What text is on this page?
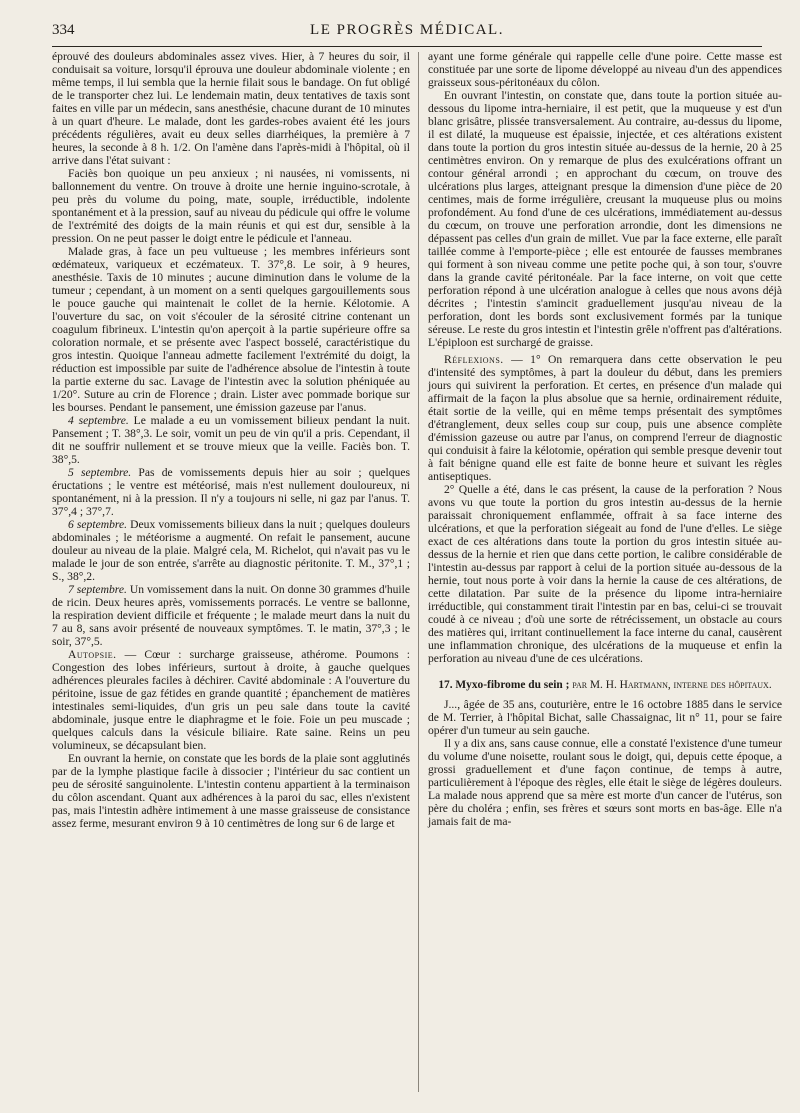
334	LE PROGRÈS MÉDICAL.

éprouvé des douleurs abdominales assez vives. Hier, à 7 heures du soir, il conduisait sa voiture, lorsqu'il éprouva une douleur abdominale violente ; en même temps, il lui sembla que la hernie filait sous le bandage. On fut obligé de le transporter chez lui. Le lendemain matin, deux tentatives de taxis sont faites en ville par un médecin, sans anesthésie, chacune durant de 10 minutes à un quart d'heure. Le malade, dont les gardes-robes avaient été les jours précédents régulières, avait eu deux selles diarrhéiques, la première à 7 heures, la seconde à 8 h. 1/2. On l'amène dans l'après-midi à l'hôpital, où il arrive dans l'état suivant :

Faciès bon quoique un peu anxieux ; ni nausées, ni vomissents, ni ballonnement du ventre. On trouve à droite une hernie inguino-scrotale, à peu près du volume du poing, mate, souple, irréductible, indolente spontanément et à la pression, sauf au niveau du pédicule qui offre le volume de l'extrémité des doigts de la main réunis et qui est dur, sensible à la pression. On ne peut passer le doigt entre le pédicule et l'anneau.

Malade gras, à face un peu vultueuse ; les membres inférieurs sont œdémateux, variqueux et eczémateux. T. 37°,8. Le soir, à 9 heures, anesthésie. Taxis de 10 minutes ; aucune diminution dans le volume de la tumeur ; cependant, à un moment on a senti quelques gargouillements sous le pouce gauche qui maintenait le collet de la hernie. Kélotomie. A l'ouverture du sac, on voit s'écouler de la sérosité citrine contenant un coagulum fibrineux. L'intestin qu'on aperçoit à la partie supérieure offre sa coloration normale, et se présente avec l'aspect bosselé, caractéristique du gros intestin. Quoique l'anneau admette facilement l'extrémité du doigt, la réduction est impossible par suite de l'adhérence absolue de l'intestin à toute la partie externe du sac. Lavage de l'intestin avec la solution phéniquée au 1/20°. Suture au crin de Florence ; drain. Lister avec pommade borique sur les bourses. Pendant le pansement, une émission gazeuse par l'anus.

4 septembre. Le malade a eu un vomissement bilieux pendant la nuit. Pansement ; T. 38°,3. Le soir, vomit un peu de vin qu'il a pris. Cependant, il dit ne souffrir nullement et se trouve mieux que la veille. Faciès bon. T. 38°,5.

5 septembre. Pas de vomissements depuis hier au soir ; quelques éructations ; le ventre est météorisé, mais n'est nullement douloureux, ni spontanément, ni à la pression. Il n'y a toujours ni selle, ni gaz par l'anus. T. 37°,4 ; 37°,7.

6 septembre. Deux vomissements bilieux dans la nuit ; quelques douleurs abdominales ; le météorisme a augmenté. On refait le pansement, aucune douleur au niveau de la plaie. Malgré cela, M. Richelot, qui n'avait pas vu le malade le jour de son entrée, s'arrête au diagnostic péritonite. T. M., 37°,1 ; S., 38°,2.

7 septembre. Un vomissement dans la nuit. On donne 30 grammes d'huile de ricin. Deux heures après, vomissements porracés. Le ventre se ballonne, la respiration devient difficile et fréquente ; le malade meurt dans la nuit du 7 au 8, sans avoir présenté de nouveaux symptômes. T. le matin, 37°,3 ; le soir, 37°,5.

Autopsie. — Cœur : surcharge graisseuse, athérome. Poumons : Congestion des lobes inférieurs, surtout à droite, à gauche quelques adhérences pleurales faciles à déchirer. Cavité abdominale : A l'ouverture du péritoine, issue de gaz fétides en grande quantité ; épanchement de matières intestinales semi-liquides, d'un gris un peu sale dans toute la cavité abdominale, jusque entre le diaphragme et le foie. Foie un peu muscade ; quelques calculs dans la vésicule biliaire. Rate saine. Reins un peu volumineux, se décapsulant bien.

En ouvrant la hernie, on constate que les bords de la plaie sont agglutinés par de la lymphe plastique facile à dissocier ; l'intérieur du sac contient un peu de sérosité sanguinolente. L'intestin contenu appartient à la terminaison du côlon ascendant. Quant aux adhérences à la paroi du sac, elles n'existent pas, mais l'intestin adhère intimement à une masse graisseuse de consistance assez ferme, mesurant environ 9 à 10 centimètres de long sur 6 de large et

ayant une forme générale qui rappelle celle d'une poire. Cette masse est constituée par une sorte de lipome développé au niveau d'un des appendices graisseux sous-péritonéaux du côlon.

En ouvrant l'intestin, on constate que, dans toute la portion située au-dessous du lipome intra-herniaire, il est petit, que la muqueuse y est d'un blanc grisâtre, plissée transversalement. Au contraire, au-dessus du lipome, il est dilaté, la muqueuse est épaissie, injectée, et ces altérations existent dans toute la portion du gros intestin située au-dessus de la hernie, 20 à 25 centimètres environ. On y remarque de plus des exulcérations offrant un contour général arrondi ; en approchant du cœcum, on trouve des ulcérations plus larges, atteignant presque la dimension d'une pièce de 20 centimes, mais de forme irrégulière, creusant la muqueuse plus ou moins profondément. Au fond d'une de ces ulcérations, immédiatement au-dessus du cœcum, on trouve une perforation arrondie, dont les dimensions ne dépassent pas celles d'un grain de millet. Vue par la face externe, elle paraît taillée comme à l'emporte-pièce ; elle est entourée de fausses membranes qui forment à son niveau comme une petite poche qui, à son tour, s'ouvre dans la grande cavité péritonéale. Par la face interne, on voit que cette perforation répond à une ulcération analogue à celles que nous avons déjà décrites ; l'intestin s'amincit graduellement jusqu'au niveau de la perforation, dont les bords sont exclusivement formés par la tunique séreuse. Le reste du gros intestin et l'intestin grêle n'offrent pas d'altérations. L'épiploon est surchargé de graisse.

Réflexions. — 1° On remarquera dans cette observation le peu d'intensité des symptômes, à part la douleur du début, dans les premiers jours qui suivirent la perforation. Et certes, en présence d'un malade qui affirmait de la façon la plus absolue que sa hernie, ordinairement réduite, était sortie de la veille, qui en même temps présentait des symptômes d'étranglement, deux selles coup sur coup, puis une absence complète d'émission gazeuse ou autre par l'anus, on comprend l'erreur de diagnostic qui conduisit à faire la kélotomie, opération qui semble presque devenir tout à fait bénigne quand elle est faite de bonne heure et suivant les règles antiseptiques.

2° Quelle a été, dans le cas présent, la cause de la perforation ? Nous avons vu que toute la portion du gros intestin au-dessus de la hernie paraissait chroniquement enflammée, offrait à sa face interne des ulcérations, et que la perforation siégeait au fond de l'une d'elles. Le siège exact de ces altérations dans toute la portion du gros intestin située au-dessus de la hernie et rien que dans cette portion, le calibre considérable de l'intestin au-dessus par rapport à celui de la portion située au-dessous de la hernie, tout nous porte à voir dans la hernie la cause de ces altérations, de cette dilatation. Par suite de la présence du lipome intra-herniaire irréductible, qui constamment tirait l'intestin par en bas, celui-ci se trouvait coudé à ce niveau ; d'où une sorte de rétrécissement, un obstacle au cours des matières qui, irritant continuellement la face interne du canal, causèrent une inflammation chronique, des ulcérations de la muqueuse et enfin la perforation au niveau d'une de ces ulcérations.

17. Myxo-fibrome du sein ; par M. H. Hartmann, interne des hôpitaux.

J..., âgée de 35 ans, couturière, entre le 16 octobre 1885 dans le service de M. Terrier, à l'hôpital Bichat, salle Chassaignac, lit n° 11, pour se faire opérer d'un tumeur au sein gauche.

Il y a dix ans, sans cause connue, elle a constaté l'existence d'une tumeur du volume d'une noisette, roulant sous le doigt, qui, depuis cette époque, a grossi graduellement et d'une façon continue, de temps à autre, particulièrement à l'époque des règles, elle était le siège de légères douleurs. La malade nous apprend que sa mère est morte d'un cancer de l'utérus, son père du choléra ; enfin, ses frères et sœurs sont morts en bas-âge. Elle n'a jamais fait de ma-
